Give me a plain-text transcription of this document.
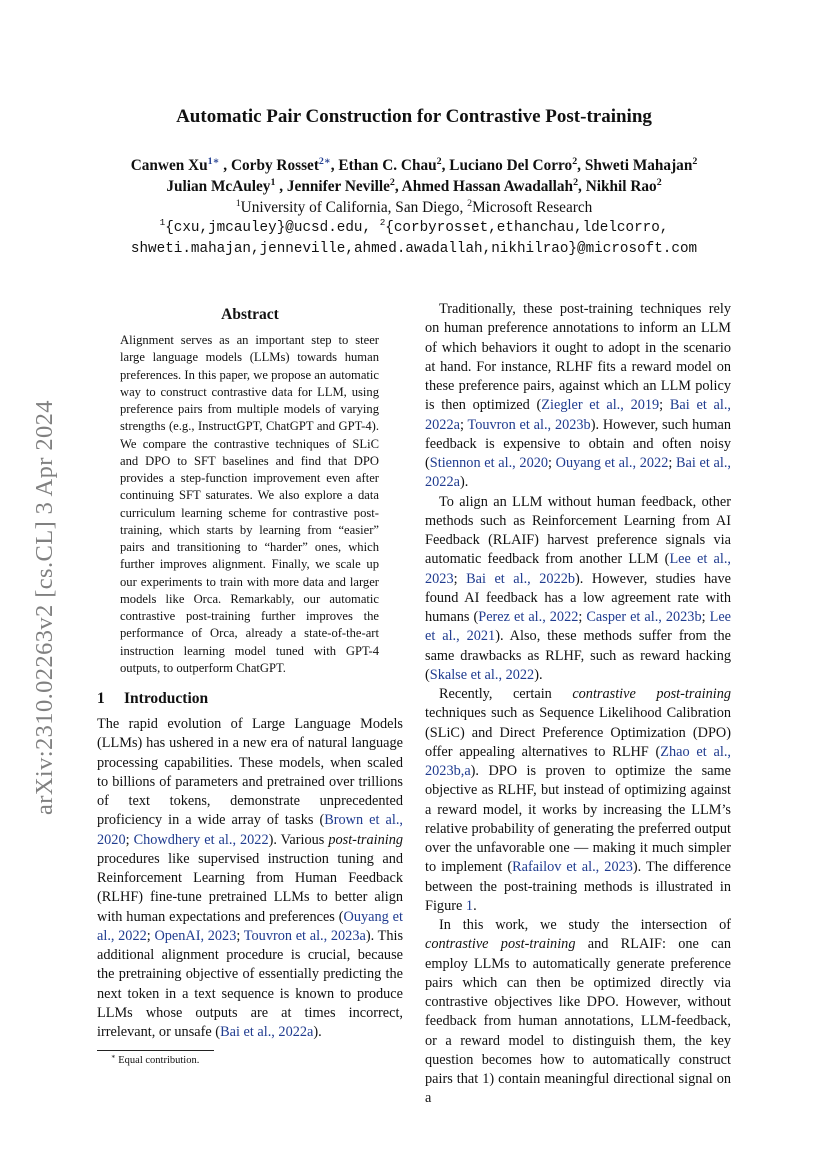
arXiv:2310.02263v2 [cs.CL] 3 Apr 2024
Automatic Pair Construction for Contrastive Post-training
Canwen $Xu^{1∗}$ , Corby Rosset$^{2∗}$, Ethan C. Chau$^2$, Luciano Del Corro$^2$, Shweti Mahajan$^2$
Julian McAuley$^1$ , Jennifer Neville$^2$, Ahmed Hassan Awadallah$^2$, Nikhil Rao$^2$
$^1$University of California, San Diego, $^2$Microsoft Research
$^1${cxu,jmcauley}@ucsd.edu, $^2${corbyrosset,ethanchau,ldelcorro,
shweti.mahajan,jenneville,ahmed.awadallah,nikhilrao}@microsoft.com
Abstract
Alignment serves as an important step to steer large language models (LLMs) towards human preferences. In this paper, we propose an automatic way to construct contrastive data for LLM, using preference pairs from multiple models of varying strengths (e.g., InstructGPT, ChatGPT and GPT-4). We compare the contrastive techniques of SLiC and DPO to SFT baselines and find that DPO provides a step-function improvement even after continuing SFT saturates. We also explore a data curriculum learning scheme for contrastive post-training, which starts by learning from “easier” pairs and transitioning to “harder” ones, which further improves alignment. Finally, we scale up our experiments to train with more data and larger models like Orca. Remarkably, our automatic contrastive post-training further improves the performance of Orca, already a state-of-the-art instruction learning model tuned with GPT-4 outputs, to outperform ChatGPT.
1 Introduction

The rapid evolution of Large Language Models (LLMs) has ushered in a new era of natural language processing capabilities. These models, when scaled to billions of parameters and pretrained over trillions of text tokens, demonstrate unprecedented proficiency in a wide array of tasks (Brown et al., 2020; Chowdhery et al., 2022). Various post-training procedures like supervised instruction tuning and Reinforcement Learning from Human Feedback (RLHF) fine-tune pretrained LLMs to better align with human expectations and preferences (Ouyang et al., 2022; OpenAI, 2023; Touvron et al., 2023a). This additional alignment procedure is crucial, because the pretraining objective of essentially predicting the next token in a text sequence is known to produce LLMs whose outputs are at times incorrect, irrelevant, or unsafe (Bai et al., 2022a).

∗ Equal contribution.

Traditionally, these post-training techniques rely on human preference annotations to inform an LLM of which behaviors it ought to adopt in the scenario at hand. For instance, RLHF fits a reward model on these preference pairs, against which an LLM policy is then optimized (Ziegler et al., 2019; Bai et al., 2022a; Touvron et al., 2023b). However, such human feedback is expensive to obtain and often noisy (Stiennon et al., 2020; Ouyang et al., 2022; Bai et al., 2022a).

To align an LLM without human feedback, other methods such as Reinforcement Learning from AI Feedback (RLAIF) harvest preference signals via automatic feedback from another LLM (Lee et al., 2023; Bai et al., 2022b). However, studies have found AI feedback has a low agreement rate with humans (Perez et al., 2022; Casper et al., 2023b; Lee et al., 2021). Also, these methods suffer from the same drawbacks as RLHF, such as reward hacking (Skalse et al., 2022).

Recently, certain contrastive post-training techniques such as Sequence Likelihood Calibration (SLiC) and Direct Preference Optimization (DPO) offer appealing alternatives to RLHF (Zhao et al., 2023b,a). DPO is proven to optimize the same objective as RLHF, but instead of optimizing against a reward model, it works by increasing the LLM’s relative probability of generating the preferred output over the unfavorable one — making it much simpler to implement (Rafailov et al., 2023). The difference between the post-training methods is illustrated in Figure 1.

In this work, we study the intersection of contrastive post-training and RLAIF: one can employ LLMs to automatically generate preference pairs which can then be optimized directly via contrastive objectives like DPO. However, without feedback from human annotations, LLM-feedback, or a reward model to distinguish them, the key question becomes how to automatically construct pairs that 1) contain meaningful directional signal on a
